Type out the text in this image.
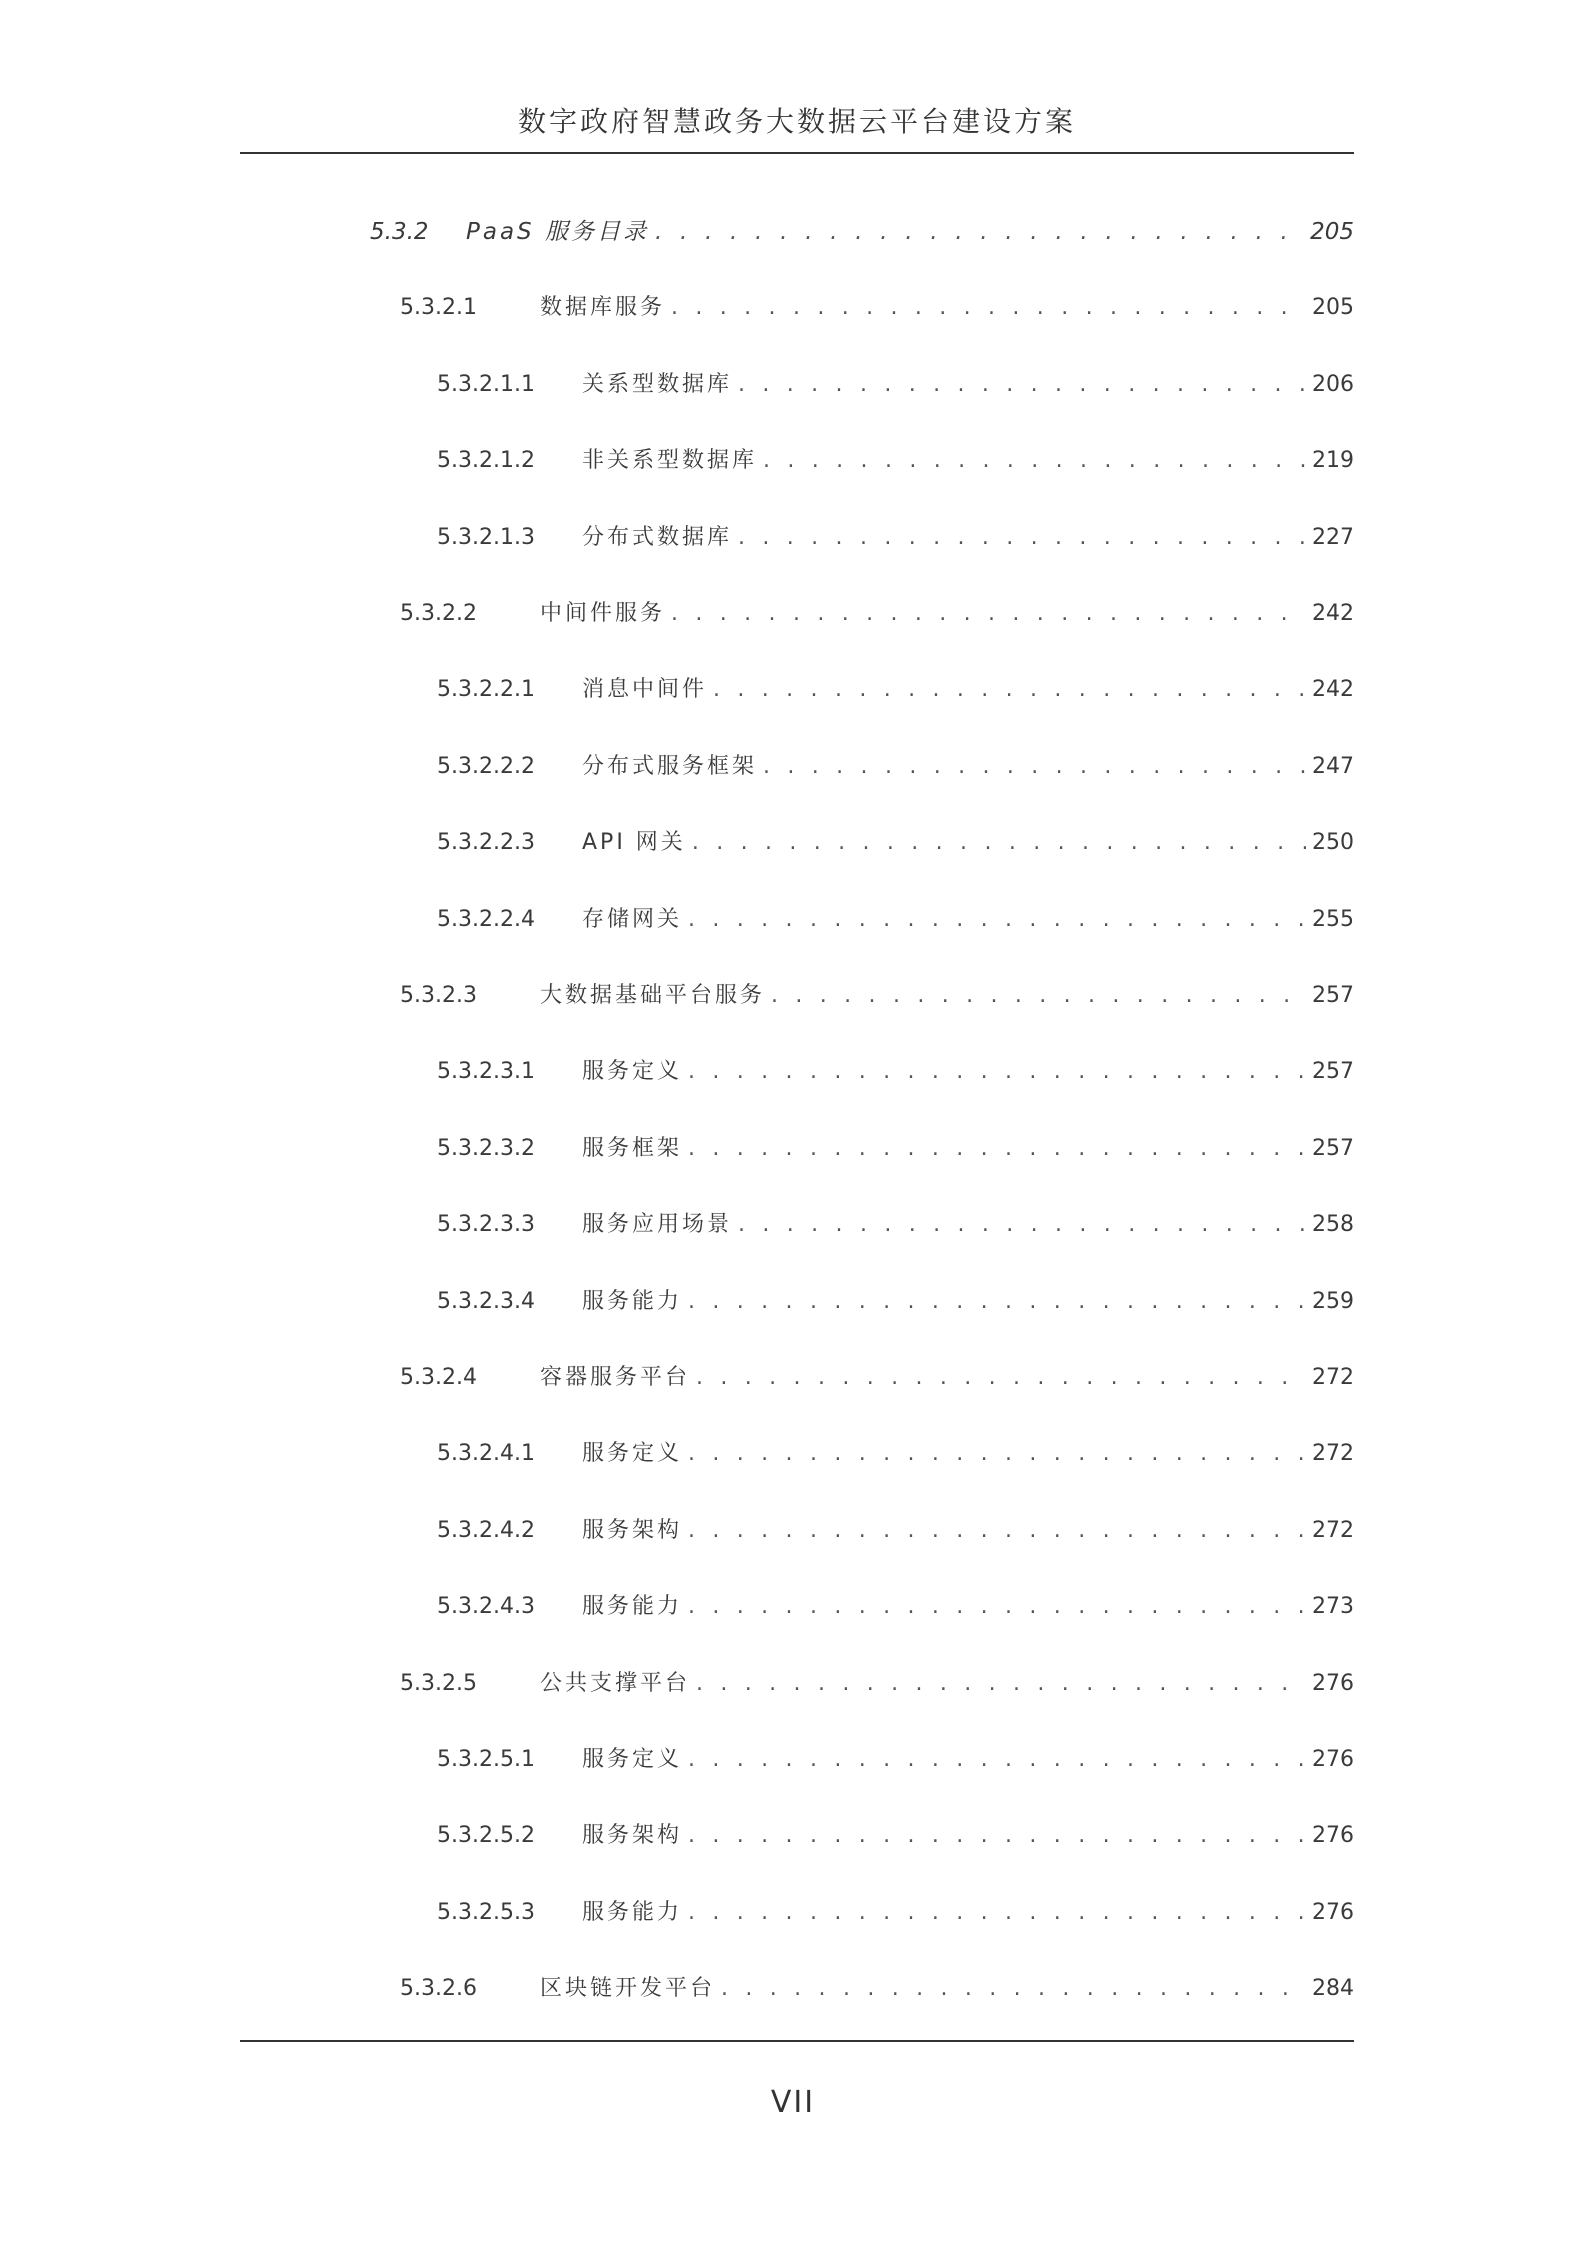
数字政府智慧政务大数据云平台建设方案
5.3.2 PaaS 服务目录 . . .	205
5.3.2.1	数据库服务 . . .	205
5.3.2.1.1 关系型数据库 . . .	206
5.3.2.1.2 非关系型数据库 . . .	219
5.3.2.1.3 分布式数据库 . . .	227
5.3.2.2	中间件服务 . . .	242
5.3.2.2.1 消息中间件 . . .	242
5.3.2.2.2 分布式服务框架 . . .	247
5.3.2.2.3 API 网关 . . .	250
5.3.2.2.4 存储网关 . . .	255
5.3.2.3	大数据基础平台服务 . . .	257
5.3.2.3.1 服务定义 . . .	257
5.3.2.3.2 服务框架 . . .	257
5.3.2.3.3 服务应用场景 . . .	258
5.3.2.3.4 服务能力 . . .	259
5.3.2.4	容器服务平台 . . .	272
5.3.2.4.1 服务定义 . . .	272
5.3.2.4.2 服务架构 . . .	272
5.3.2.4.3 服务能力 . . .	273
5.3.2.5	公共支撑平台 . . .	276
5.3.2.5.1 服务定义 . . .	276
5.3.2.5.2 服务架构 . . .	276
5.3.2.5.3 服务能力 . . .	276
5.3.2.6	区块链开发平台 . . .	284
VII
